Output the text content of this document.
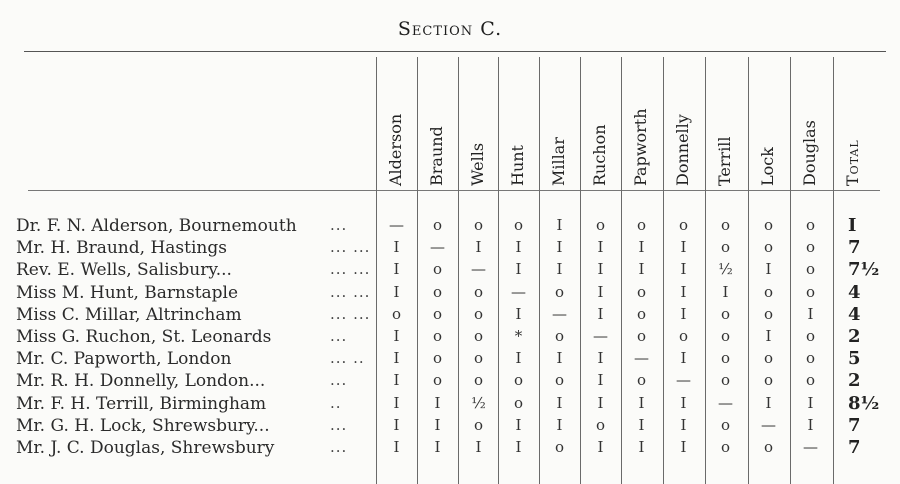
Section C.
Alderson Braund Wells Hunt Millar Ruchon Papworth Donnelly Terrill Lock Douglas Total
Dr. F. N. Alderson, Bournemouth ...	—	o	o	o	I	o	o	o	o	o	o	I
Mr. H. Braund, Hastings	... ...	I	—	I	I	I	I	I	I	o	o	o	7
Rev. E. Wells, Salisbury...	... ...	I	o	—	I	I	I	I	I	½	I	o	7½
Miss M. Hunt, Barnstaple	... ...	I	o	o	—	o	I	o	I	I	o	o	4
Miss C. Millar, Altrincham	... ...	o	o	o	I	—	I	o	I	o	o	I	4
Miss G. Ruchon, St. Leonards	...	I	o	o	*	o	—	o	o	o	I	o	2
Mr. C. Papworth, London	... ..	I	o	o	I	I	I	—	I	o	o	o	5
Mr. R. H. Donnelly, London...	...	I	o	o	o	o	I	o	—	o	o	o	2
Mr. F. H. Terrill, Birmingham	..	I	I	½	o	I	I	I	I	—	I	I	8½
Mr. G. H. Lock, Shrewsbury...	...	I	I	o	I	I	o	I	I	o	—	I	7
Mr. J. C. Douglas, Shrewsbury	...	I	I	I	I	o	I	I	I	o	o	—	7
